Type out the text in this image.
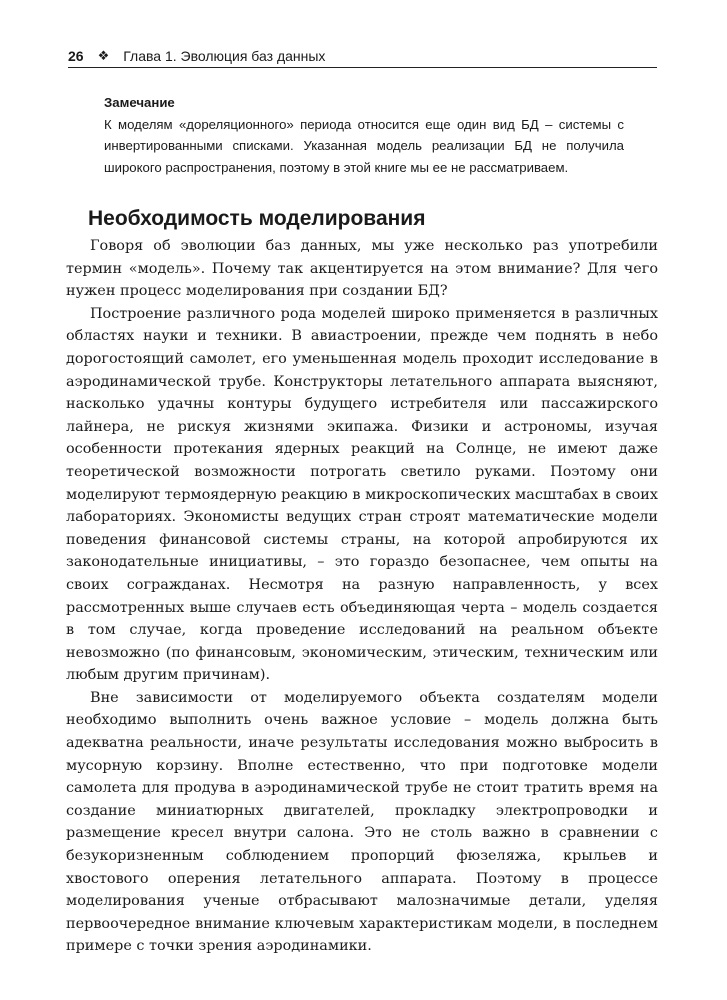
26 ❖ Глава 1. Эволюция баз данных
Замечание
К моделям «дореляционного» периода относится еще один вид БД – системы с инвертированными списками. Указанная модель реализации БД не получила широкого распространения, поэтому в этой книге мы ее не рассматриваем.
Необходимость моделирования

Говоря об эволюции баз данных, мы уже несколько раз употребили термин «модель». Почему так акцентируется на этом внимание? Для чего нужен процесс моделирования при создании БД?

Построение различного рода моделей широко применяется в различных областях науки и техники. В авиастроении, прежде чем поднять в небо дорогостоящий самолет, его уменьшенная модель проходит исследование в аэродинамической трубе. Конструкторы летательного аппарата выясняют, насколько удачны контуры будущего истребителя или пассажирского лайнера, не рискуя жизнями экипажа. Физики и астрономы, изучая особенности протекания ядерных реакций на Солнце, не имеют даже теоретической возможности потрогать светило руками. Поэтому они моделируют термоядерную реакцию в микроскопических масштабах в своих лабораториях. Экономисты ведущих стран строят математические модели поведения финансовой системы страны, на которой апробируются их законодательные инициативы, – это гораздо безопаснее, чем опыты на своих согражданах. Несмотря на разную направленность, у всех рассмотренных выше случаев есть объединяющая черта – модель создается в том случае, когда проведение исследований на реальном объекте невозможно (по финансовым, экономическим, этическим, техническим или любым другим причинам).

Вне зависимости от моделируемого объекта создателям модели необходимо выполнить очень важное условие – модель должна быть адекватна реальности, иначе результаты исследования можно выбросить в мусорную корзину. Вполне естественно, что при подготовке модели самолета для продува в аэродинамической трубе не стоит тратить время на создание миниатюрных двигателей, прокладку электропроводки и размещение кресел внутри салона. Это не столь важно в сравнении с безукоризненным соблюдением пропорций фюзеляжа, крыльев и хвостового оперения летательного аппарата. Поэтому в процессе моделирования ученые отбрасывают малозначимые детали, уделяя первоочередное внимание ключевым характеристикам модели, в последнем примере с точки зрения аэродинамики.
